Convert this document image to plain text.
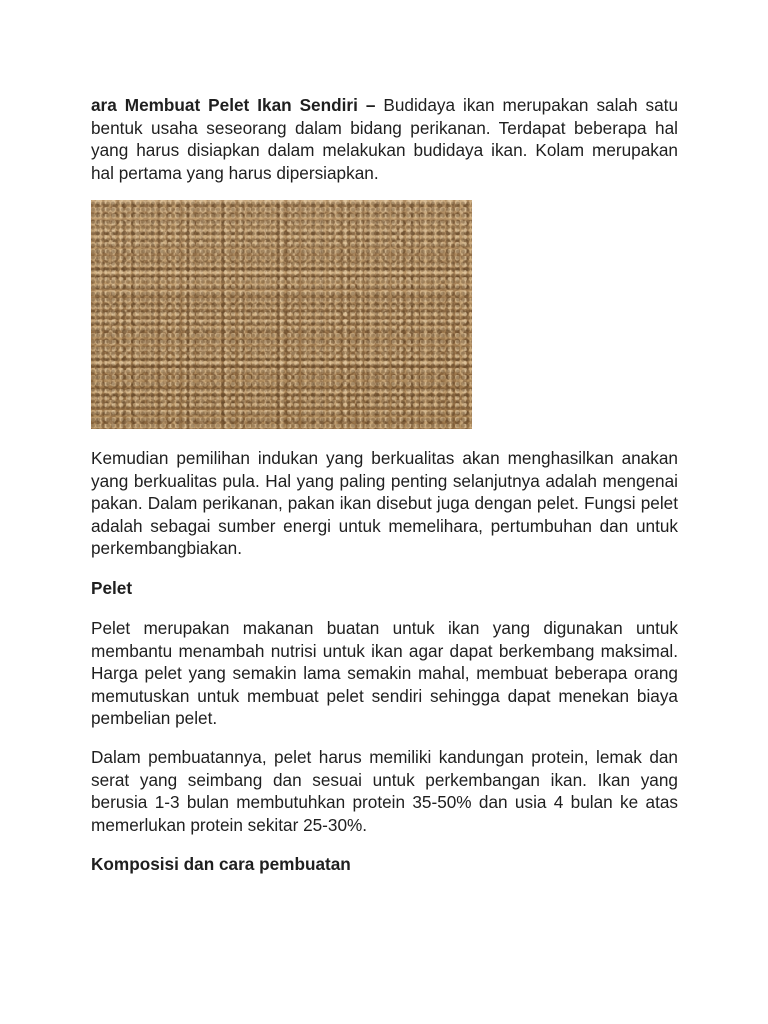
ara Membuat Pelet Ikan Sendiri – Budidaya ikan merupakan salah satu bentuk usaha seseorang dalam bidang perikanan. Terdapat beberapa hal yang harus disiapkan dalam melakukan budidaya ikan. Kolam merupakan hal pertama yang harus dipersiapkan.

Kemudian pemilihan indukan yang berkualitas akan menghasilkan anakan yang berkualitas pula. Hal yang paling penting selanjutnya adalah mengenai pakan. Dalam perikanan, pakan ikan disebut juga dengan pelet. Fungsi pelet adalah sebagai sumber energi untuk memelihara, pertumbuhan dan untuk perkembangbiakan.

Pelet

Pelet merupakan makanan buatan untuk ikan yang digunakan untuk membantu menambah nutrisi untuk ikan agar dapat berkembang maksimal. Harga pelet yang semakin lama semakin mahal, membuat beberapa orang memutuskan untuk membuat pelet sendiri sehingga dapat menekan biaya pembelian pelet.

Dalam pembuatannya, pelet harus memiliki kandungan protein, lemak dan serat yang seimbang dan sesuai untuk perkembangan ikan. Ikan yang berusia 1-3 bulan membutuhkan protein 35-50% dan usia 4 bulan ke atas memerlukan protein sekitar 25-30%.

Komposisi dan cara pembuatan
